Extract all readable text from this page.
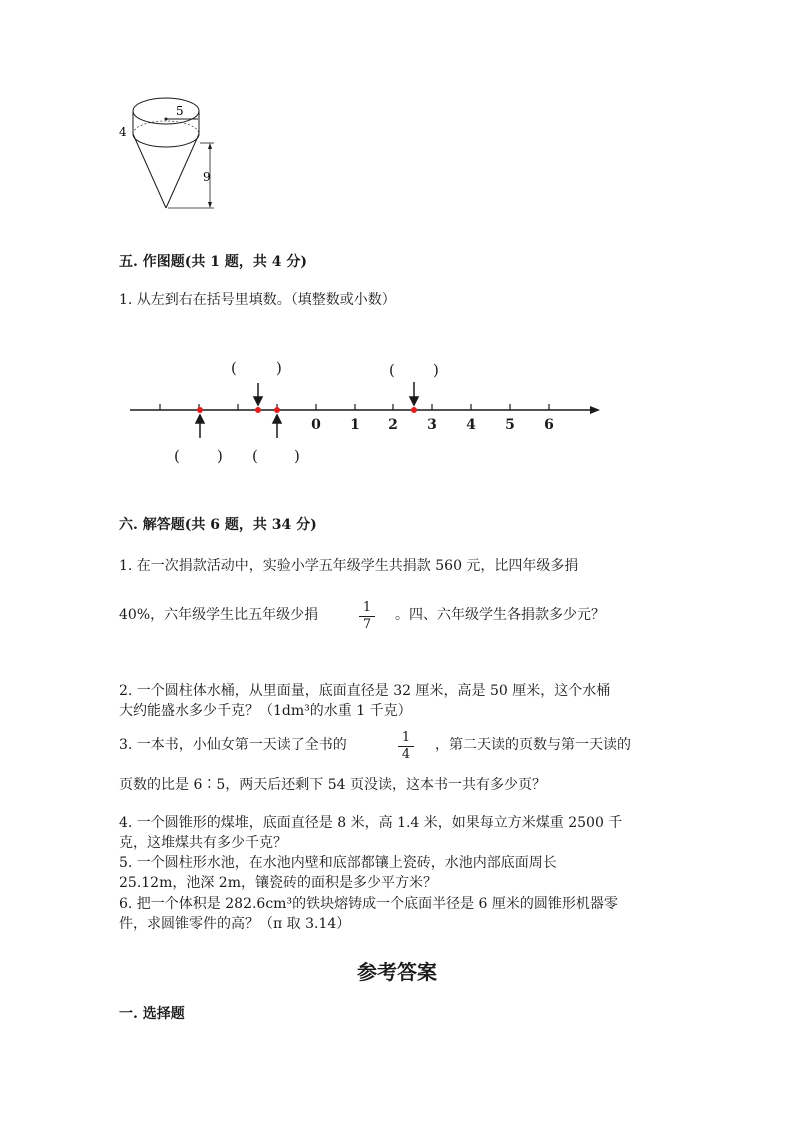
5
4
9
五. 作图题(共 1 题，共 4 分)
1. 从左到右在括号里填数。（填整数或小数）
0 1 2 3 4 5 6
(	)	(	)
( ) ( )
六. 解答题(共 6 题，共 34 分)
1. 在一次捐款活动中，实验小学五年级学生共捐款 560 元，比四年级多捐
40%，六年级学生比五年级少捐	1
7
。四、六年级学生各捐款多少元？
2. 一个圆柱体水桶，从里面量，底面直径是 32 厘米，高是 50 厘米，这个水桶
大约能盛水多少千克？（1dm³的水重 1 千克）
3. 一本书，小仙女第一天读了全书的	1
4
，第二天读的页数与第一天读的
页数的比是 6∶5，两天后还剩下 54 页没读，这本书一共有多少页？
4. 一个圆锥形的煤堆，底面直径是 8 米，高 1.4 米，如果每立方米煤重 2500 千
克，这堆煤共有多少千克？
5. 一个圆柱形水池，在水池内壁和底部都镶上瓷砖，水池内部底面周长
25.12m，池深 2m，镶瓷砖的面积是多少平方米？
6. 把一个体积是 282.6cm³的铁块熔铸成一个底面半径是 6 厘米的圆锥形机器零
件，求圆锥零件的高？（π 取 3.14）
参考答案
一. 选择题
